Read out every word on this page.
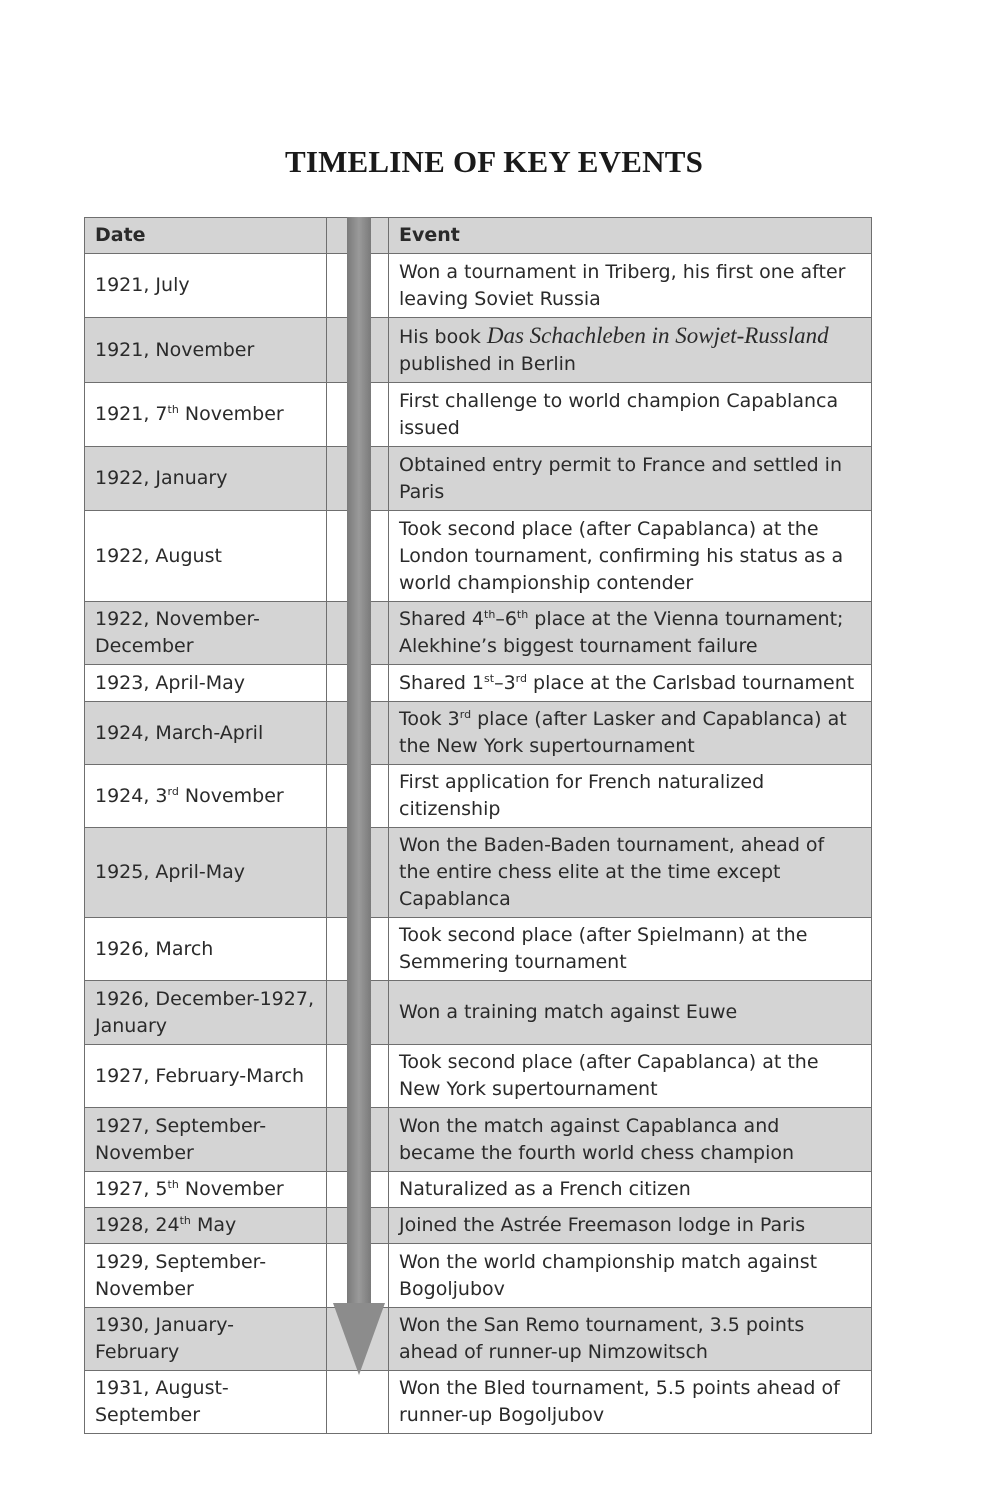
TIMELINE OF KEY EVENTS
Date		Event
1921, July		Won a tournament in Triberg, his first one after leaving Soviet Russia
1921, November		His book Das Schachleben in Sowjet-Russland published in Berlin
1921, 7th November		First challenge to world champion Capablanca issued
1922, January		Obtained entry permit to France and settled in Paris
1922, August		Took second place (after Capablanca) at the London tournament, confirming his status as a world championship contender
1922, November-December		Shared 4th–6th place at the Vienna tournament; Alekhine’s biggest tournament failure
1923, April-May		Shared 1st–3rd place at the Carlsbad tournament
1924, March-April		Took 3rd place (after Lasker and Capablanca) at the New York supertournament
1924, 3rd November		First application for French naturalized citizenship
1925, April-May		Won the Baden-Baden tournament, ahead of the entire chess elite at the time except Capablanca
1926, March		Took second place (after Spielmann) at the Semmering tournament
1926, December-1927, January		Won a training match against Euwe
1927, February-March		Took second place (after Capablanca) at the New York supertournament
1927, September-November		Won the match against Capablanca and became the fourth world chess champion
1927, 5th November		Naturalized as a French citizen
1928, 24th May		Joined the Astrée Freemason lodge in Paris
1929, September-November		Won the world championship match against Bogoljubov
1930, January-February		Won the San Remo tournament, 3.5 points ahead of runner-up Nimzowitsch
1931, August-September		Won the Bled tournament, 5.5 points ahead of runner-up Bogoljubov
